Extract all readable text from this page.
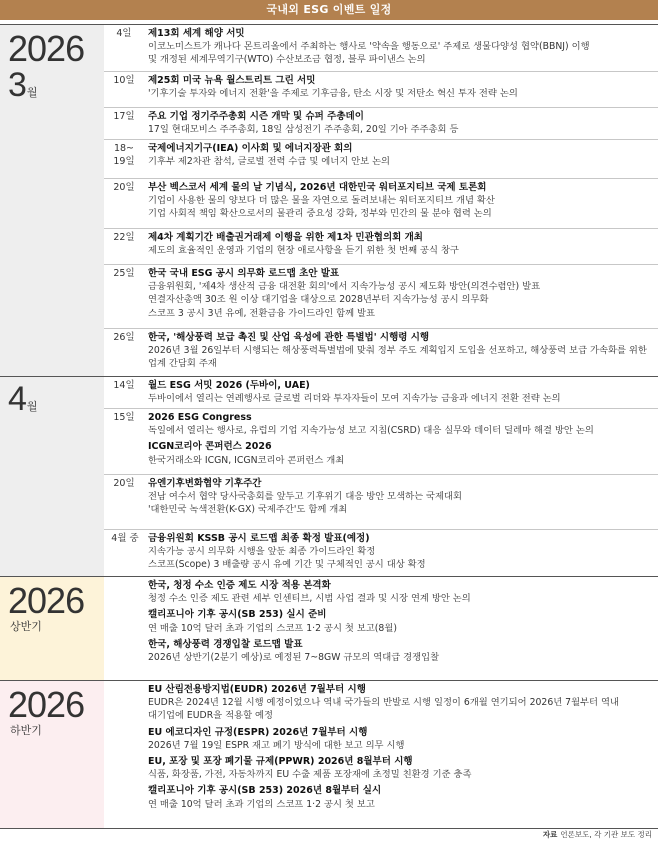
국내외 ESG 이벤트 일정
2026
3월
4일	제13회 세계 해양 서밋
이코노미스트가 캐나다 몬트리올에서 주최하는 행사로 '약속을 행동으로' 주제로 생물다양성 협약(BBNJ) 이행
및 개정된 세계무역기구(WTO) 수산보조금 협정, 블루 파이낸스 논의
10일	제25회 미국 뉴욕 월스트리트 그린 서밋
'기후기술 투자와 에너지 전환'을 주제로 기후금융, 탄소 시장 및 저탄소 혁신 투자 전략 논의
17일	주요 기업 정기주주총회 시즌 개막 및 슈퍼 주총데이
17일 현대모비스 주주총회, 18일 삼성전기 주주총회, 20일 기아 주주총회 등
18~
19일
국제에너지기구(IEA) 이사회 및 에너지장관 회의
기후부 제2차관 참석, 글로벌 전력 수급 및 에너지 안보 논의
20일	부산 벡스코서 세계 물의 날 기념식, 2026년 대한민국 워터포지티브 국제 토론회
기업이 사용한 물의 양보다 더 많은 물을 자연으로 돌려보내는 워터포지티브 개념 확산
기업 사회적 책임 확산으로서의 물관리 중요성 강화, 정부와 민간의 물 분야 협력 논의
22일	제4차 계획기간 배출권거래제 이행을 위한 제1차 민관협의회 개최
제도의 효율적인 운영과 기업의 현장 애로사항을 듣기 위한 첫 번째 공식 창구
25일	한국 국내 ESG 공시 의무화 로드맵 초안 발표
금융위원회, '제4차 생산적 금융 대전환 회의'에서 지속가능성 공시 제도화 방안(의견수렴안) 발표
연결자산총액 30조 원 이상 대기업을 대상으로 2028년부터 지속가능성 공시 의무화
스코프 3 공시 3년 유예, 전환금융 가이드라인 함께 발표
26일	한국, '해상풍력 보급 촉진 및 산업 육성에 관한 특별법' 시행령 시행
2026년 3월 26일부터 시행되는 해상풍력특별법에 맞춰 정부 주도 계획입지 도입을 선포하고, 해상풍력 보급 가속화를 위한
업계 간담회 주재
4월
14일	월드 ESG 서밋 2026 (두바이, UAE)
두바이에서 열리는 연례행사로 글로벌 리더와 투자자들이 모여 지속가능 금융과 에너지 전환 전략 논의
15일	2026 ESG Congress
독일에서 열리는 행사로, 유럽의 기업 지속가능성 보고 지침(CSRD) 대응 실무와 데이터 딜레마 해결 방안 논의
ICGN코리아 콘퍼런스 2026
한국거래소와 ICGN, ICGN코리아 콘퍼런스 개최
20일	유엔기후변화협약 기후주간
전남 여수서 협약 당사국총회를 앞두고 기후위기 대응 방안 모색하는 국제대회
'대한민국 녹색전환(K-GX) 국제주간'도 함께 개최
4월 중 금융위원회 KSSB 공시 로드맵 최종 확정 발표(예정)
지속가능 공시 의무화 시행을 앞둔 최종 가이드라인 확정
스코프(Scope) 3 배출량 공시 유예 기간 및 구체적인 공시 대상 확정
2026
상반기
한국, 청정 수소 인증 제도 시장 적용 본격화
청정 수소 인증 제도 관련 세부 인센티브, 시범 사업 결과 및 시장 연계 방안 논의
캘리포니아 기후 공시(SB 253) 실시 준비
연 매출 10억 달러 초과 기업의 스코프 1·2 공시 첫 보고(8월)
한국, 해상풍력 경쟁입찰 로드맵 발표
2026년 상반기(2분기 예상)로 예정된 7~8GW 규모의 역대급 경쟁입찰
2026
하반기
EU 산림전용방지법(EUDR) 2026년 7월부터 시행
EUDR은 2024년 12월 시행 예정이었으나 역내 국가들의 반발로 시행 일정이 6개월 연기되어 2026년 7월부터 역내
대기업에 EUDR을 적용할 예정
EU 에코디자인 규정(ESPR) 2026년 7월부터 시행
2026년 7월 19일 ESPR 재고 폐기 방식에 대한 보고 의무 시행
EU, 포장 및 포장 폐기물 규제(PPWR) 2026년 8월부터 시행
식품, 화장품, 가전, 자동차까지 EU 수출 제품 포장재에 초정밀 친환경 기준 충족
캘리포니아 기후 공시(SB 253) 2026년 8월부터 실시
연 매출 10억 달러 초과 기업의 스코프 1·2 공시 첫 보고
자료 언론보도, 각 기관 보도 정리
